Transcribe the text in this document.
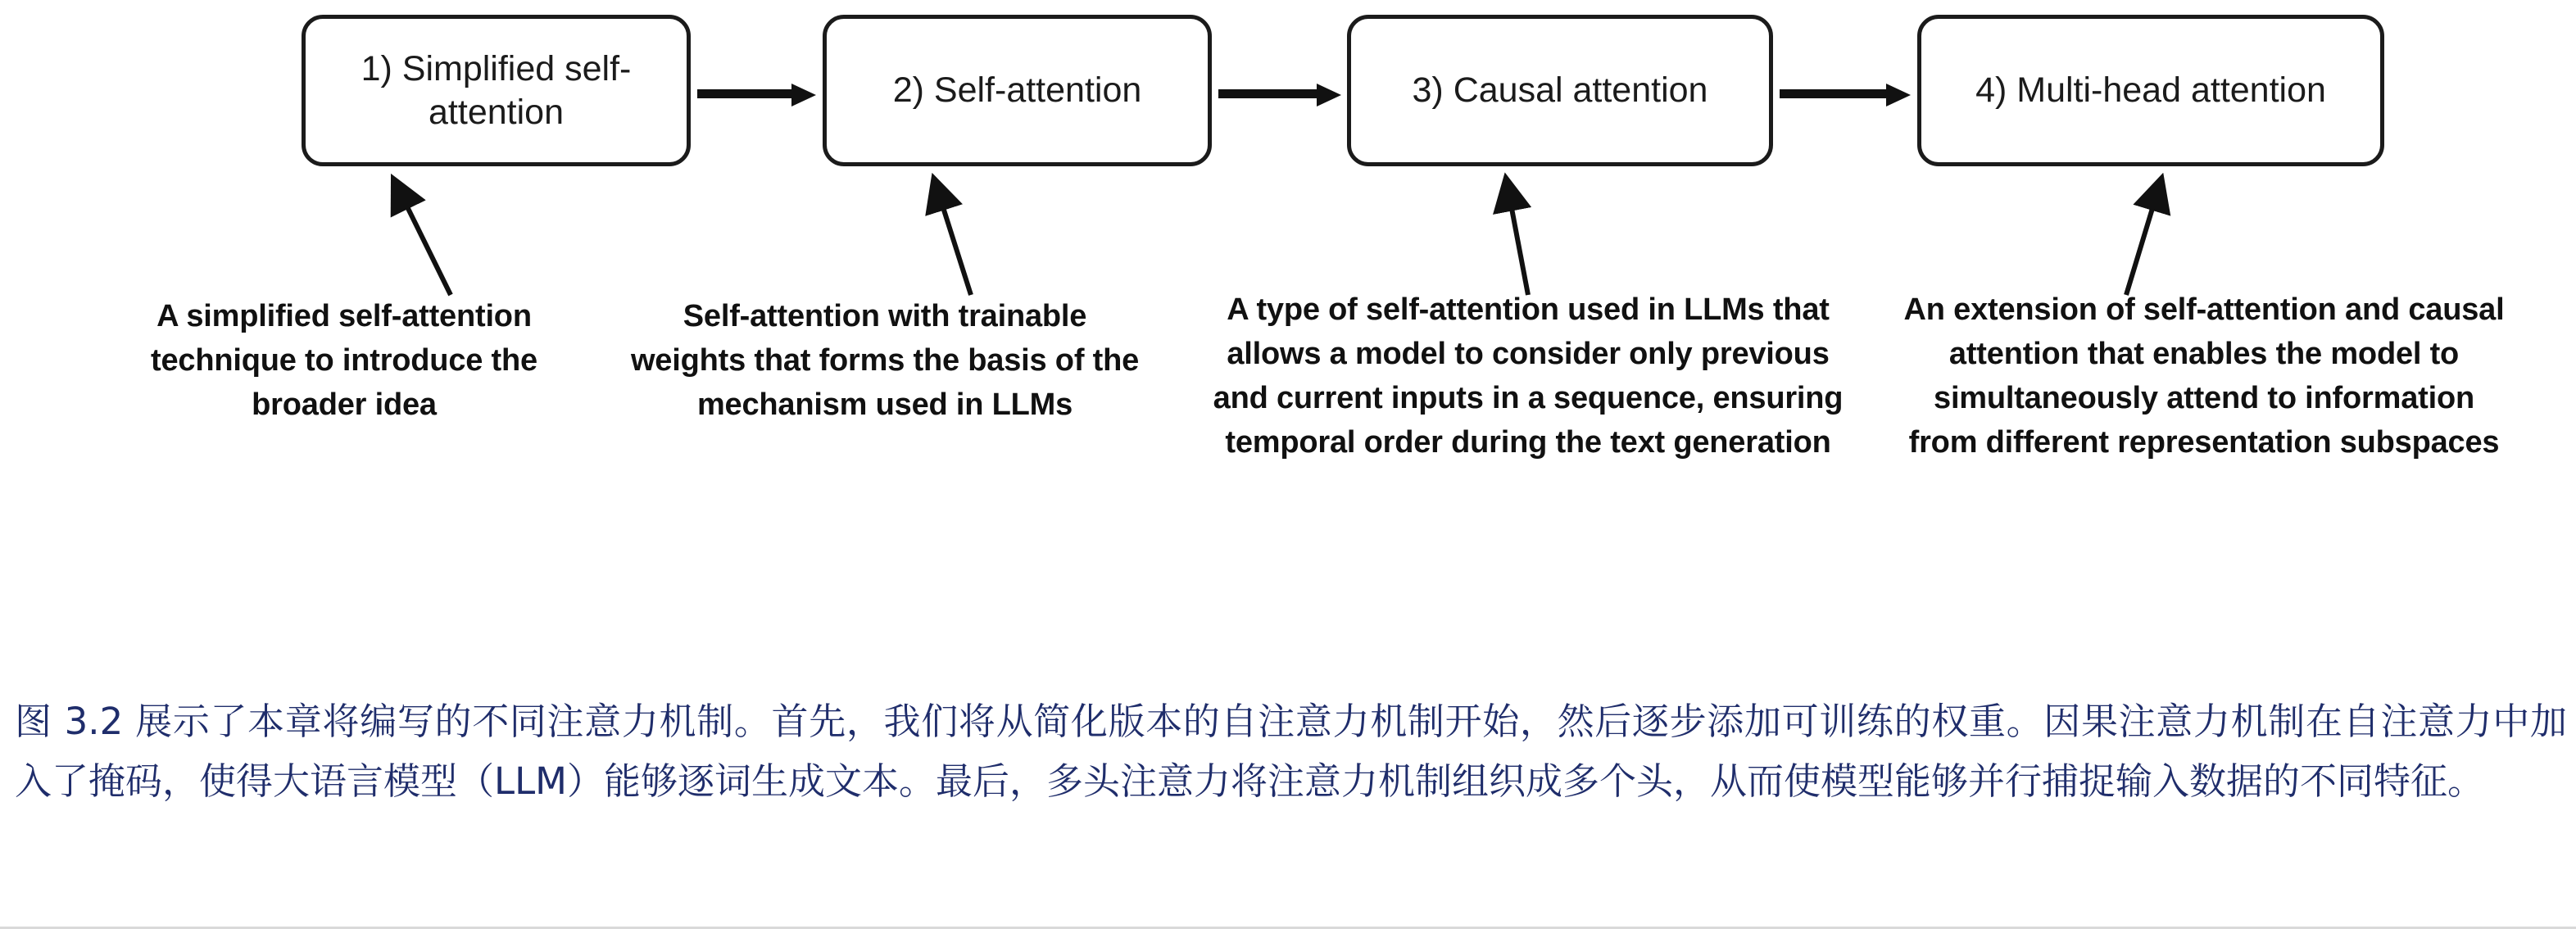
1) Simplified self-attention
2) Self-attention	3) Causal attention	4) Multi-head attention
A simplified self-attention technique to introduce the broader idea
Self-attention with trainable weights that forms the basis of the mechanism used in LLMs
A type of self-attention used in LLMs that allows a model to consider only previous and current inputs in a sequence, ensuring temporal order during the text generation
An extension of self-attention and causal attention that enables the model to simultaneously attend to information from different representation subspaces
图 3.2 展示了本章将编写的不同注意力机制。首先，我们将从简化版本的自注意力机制开始，然后逐步添加可训练的权重。因果注意力机制在自注意力中加入了掩码，使得大语言模型（LLM）能够逐词生成文本。最后，多头注意力将注意力机制组织成多个头，从而使模型能够并行捕捉输入数据的不同特征。
